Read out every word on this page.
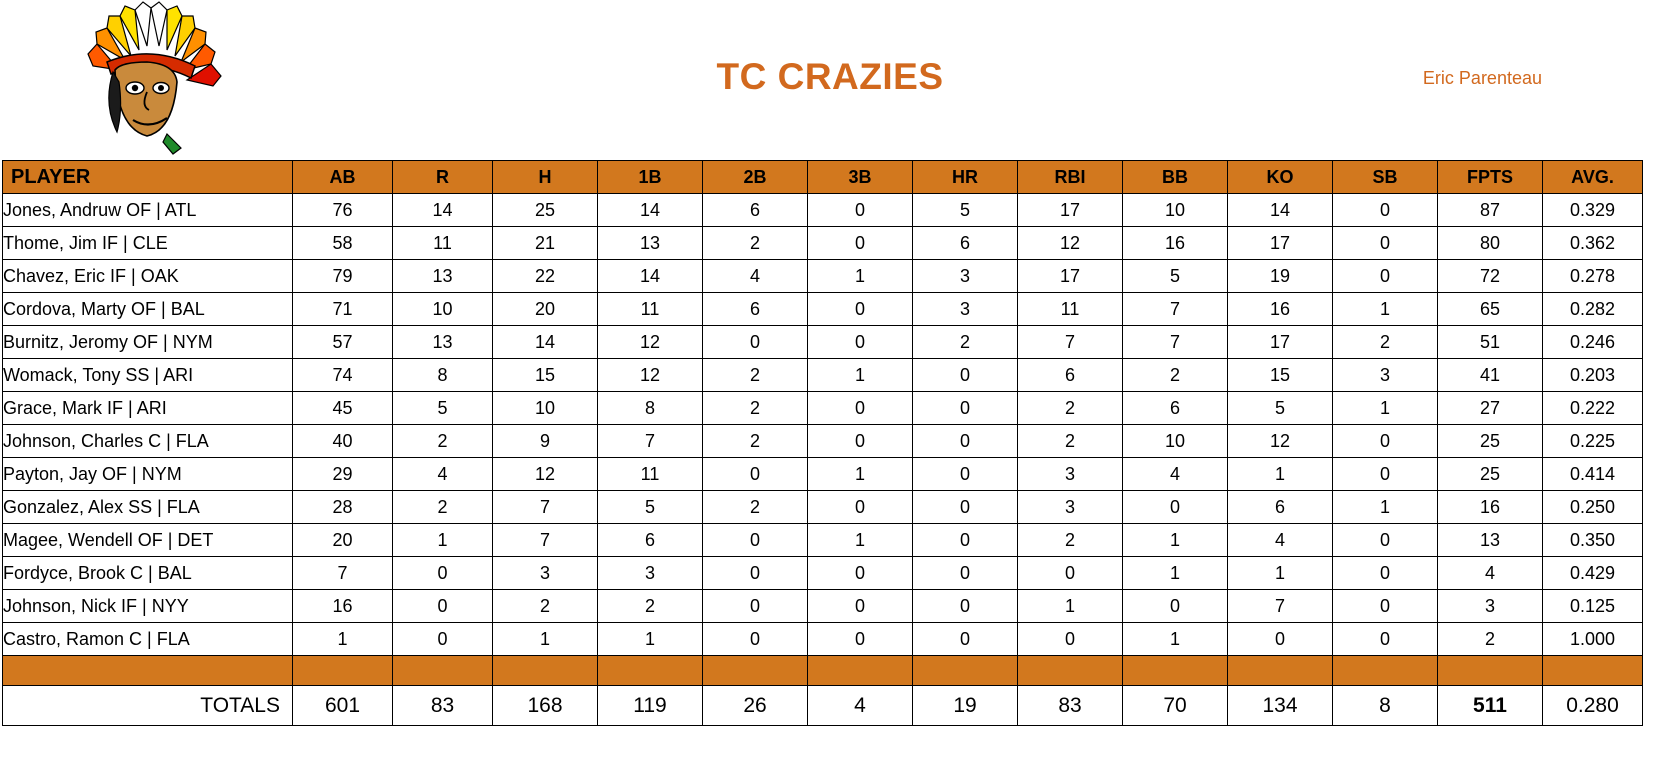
TC CRAZIES	Eric Parenteau
PLAYER	AB	R	H	1B	2B	3B	HR	RBI	BB	KO	SB	FPTS	AVG.
Jones, Andruw OF | ATL	76	14	25	14	6	0	5	17	10	14	0	87	0.329
Thome, Jim IF | CLE	58	11	21	13	2	0	6	12	16	17	0	80	0.362
Chavez, Eric IF | OAK	79	13	22	14	4	1	3	17	5	19	0	72	0.278
Cordova, Marty OF | BAL	71	10	20	11	6	0	3	11	7	16	1	65	0.282
Burnitz, Jeromy OF | NYM	57	13	14	12	0	0	2	7	7	17	2	51	0.246
Womack, Tony SS | ARI	74	8	15	12	2	1	0	6	2	15	3	41	0.203
Grace, Mark IF | ARI	45	5	10	8	2	0	0	2	6	5	1	27	0.222
Johnson, Charles C | FLA	40	2	9	7	2	0	0	2	10	12	0	25	0.225
Payton, Jay OF | NYM	29	4	12	11	0	1	0	3	4	1	0	25	0.414
Gonzalez, Alex SS | FLA	28	2	7	5	2	0	0	3	0	6	1	16	0.250
Magee, Wendell OF | DET	20	1	7	6	0	1	0	2	1	4	0	13	0.350
Fordyce, Brook C | BAL	7	0	3	3	0	0	0	0	1	1	0	4	0.429
Johnson, Nick IF | NYY	16	0	2	2	0	0	0	1	0	7	0	3	0.125
Castro, Ramon C | FLA	1	0	1	1	0	0	0	0	1	0	0	2	1.000

TOTALS	601	83	168	119	26	4	19	83	70	134	8	511	0.280
